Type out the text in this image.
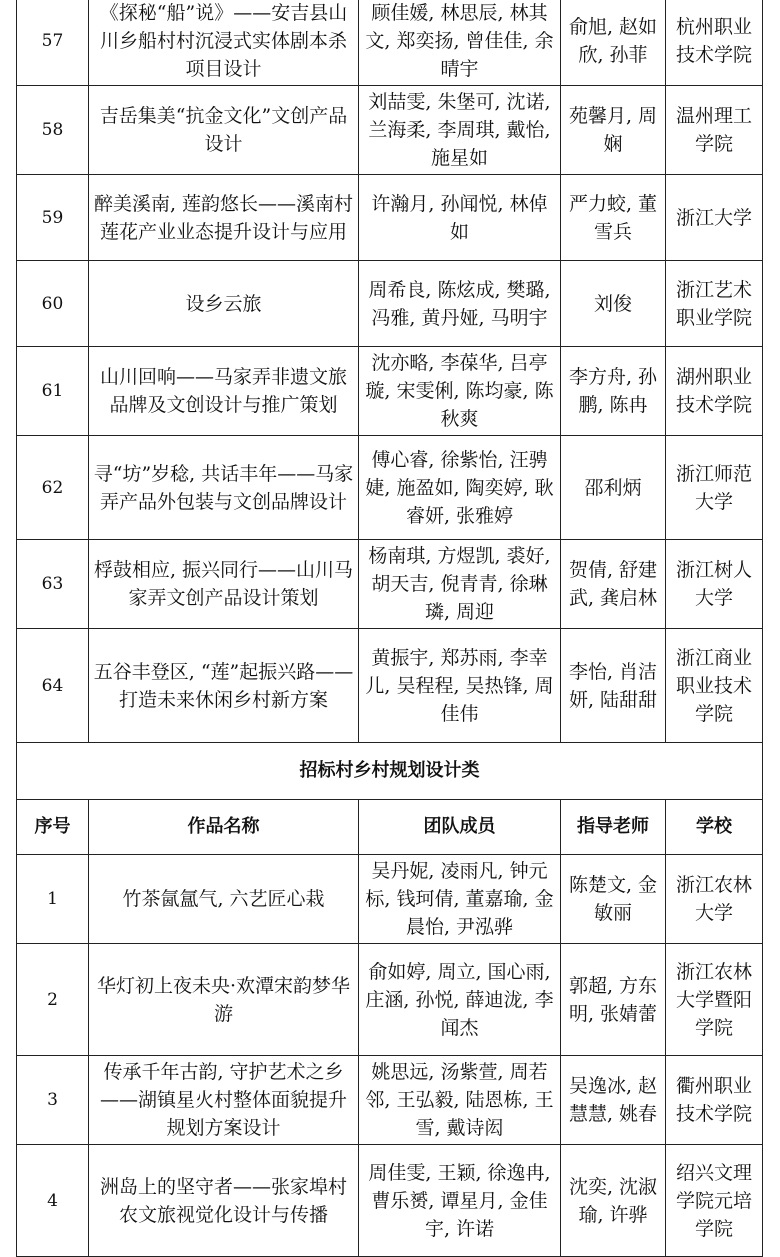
57	《探秘“船”说》——安吉县山川乡船村村沉浸式实体剧本杀项目设计	顾佳媛, 林思辰, 林其文, 郑奕扬, 曾佳佳, 余晴宇	俞旭, 赵如欣, 孙菲	杭州职业技术学院
58	吉岳集美“抗金文化”文创产品设计	刘喆雯, 朱堡可, 沈诺, 兰海柔, 李周琪, 戴怡, 施星如	苑馨月, 周娴	温州理工学院
59	醉美溪南, 莲韵悠长——溪南村莲花产业业态提升设计与应用	许瀚月, 孙闻悦, 林倬如	严力蛟, 董雪兵	浙江大学
60	设乡云旅	周希良, 陈炫成, 樊璐, 冯雅, 黄丹娅, 马明宇	刘俊	浙江艺术职业学院
61	山川回响——马家弄非遗文旅品牌及文创设计与推广策划	沈亦略, 李葆华, 吕亭璇, 宋雯俐, 陈均豪, 陈秋爽	李方舟, 孙鹏, 陈冉	湖州职业技术学院
62	寻“坊”岁稔, 共话丰年——马家弄产品外包装与文创品牌设计	傅心睿, 徐紫怡, 汪骋婕, 施盈如, 陶奕婷, 耿睿妍, 张雅婷	邵利炳	浙江师范大学
63	桴鼓相应, 振兴同行——山川马家弄文创产品设计策划	杨南琪, 方煜凯, 裘好, 胡天吉, 倪青青, 徐琳璘, 周迎	贺倩, 舒建武, 龚启林	浙江树人大学
64	五谷丰登区, “莲”起振兴路——打造未来休闲乡村新方案	黄振宇, 郑苏雨, 李幸儿, 吴程程, 吴热锋, 周佳伟	李怡, 肖洁妍, 陆甜甜	浙江商业职业技术学院
招标村乡村规划设计类				
序号	作品名称	团队成员	指导老师	学校
1	竹茶氤氲气, 六艺匠心栽	吴丹妮, 凌雨凡, 钟元标, 钱珂倩, 董嘉瑜, 金晨怡, 尹泓骅	陈楚文, 金敏丽	浙江农林大学
2	华灯初上夜未央·欢潭宋韵梦华游	俞如婷, 周立, 国心雨, 庄涵, 孙悦, 薛迪泷, 李闻杰	郭超, 方东明, 张婧蕾	浙江农林大学暨阳学院
3	传承千年古韵, 守护艺术之乡——湖镇星火村整体面貌提升规划方案设计	姚思远, 汤紫萱, 周若邻, 王弘毅, 陆恩栋, 王雪, 戴诗闳	吴逸冰, 赵慧慧, 姚春	衢州职业技术学院
4	洲岛上的坚守者——张家埠村农文旅视觉化设计与传播	周佳雯, 王颖, 徐逸冉, 曹乐赟, 谭星月, 金佳宇, 许诺	沈奕, 沈淑瑜, 许骅	绍兴文理学院元培学院
